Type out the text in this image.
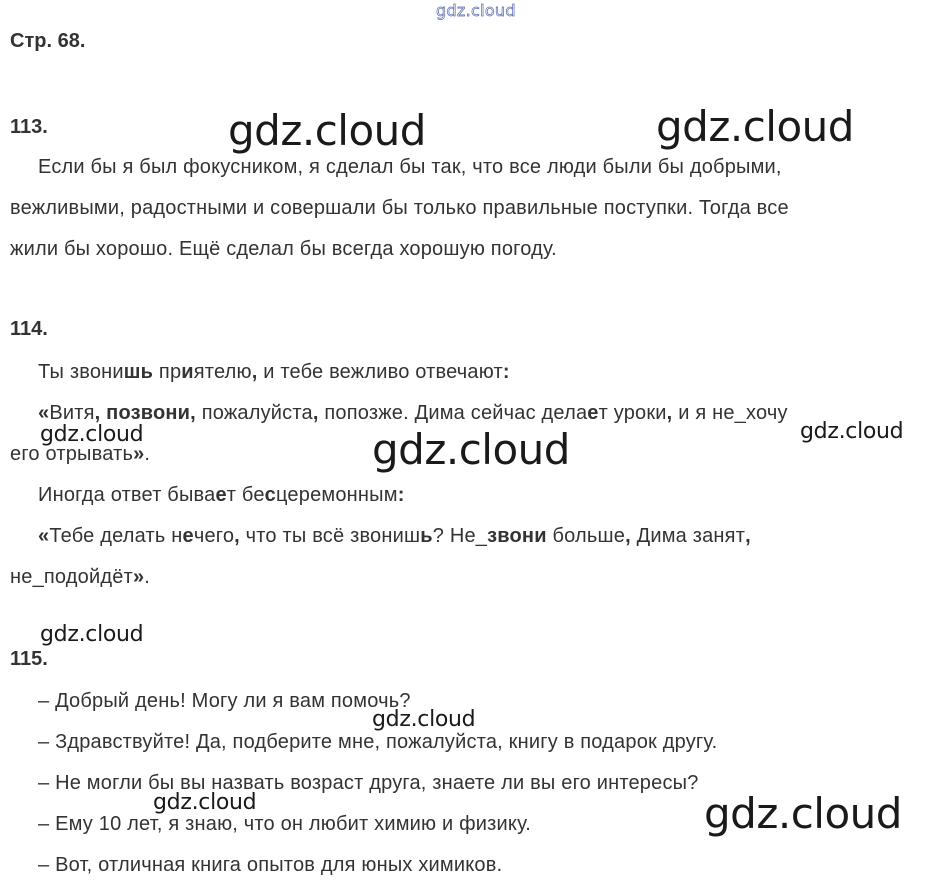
gdz.cloud
Стр. 68.
113.
Если бы я был фокусником, я сделал бы так, что все люди были бы добрыми,
вежливыми, радостными и совершали бы только правильные поступки. Тогда все
жили бы хорошо. Ещё сделал бы всегда хорошую погоду.
114.
Ты звонишь приятелю, и тебе вежливо отвечают:
«Витя, позвони, пожалуйста, попозже. Дима сейчас делает уроки, и я не_хочу
его отрывать».
Иногда ответ бывает бесцеремонным:
«Тебе делать нечего, что ты всё звонишь? Не_звони больше, Дима занят,
не_подойдёт».
115.
– Добрый день! Могу ли я вам помочь?
– Здравствуйте! Да, подберите мне, пожалуйста, книгу в подарок другу.
– Не могли бы вы назвать возраст друга, знаете ли вы его интересы?
– Ему 10 лет, я знаю, что он любит химию и физику.
– Вот, отличная книга опытов для юных химиков.
gdz.cloud	gdz.cloud
gdz.cloud	gdz.cloud
gdz.cloud
gdz.cloud
gdz.cloud
gdz.cloud	gdz.cloud
